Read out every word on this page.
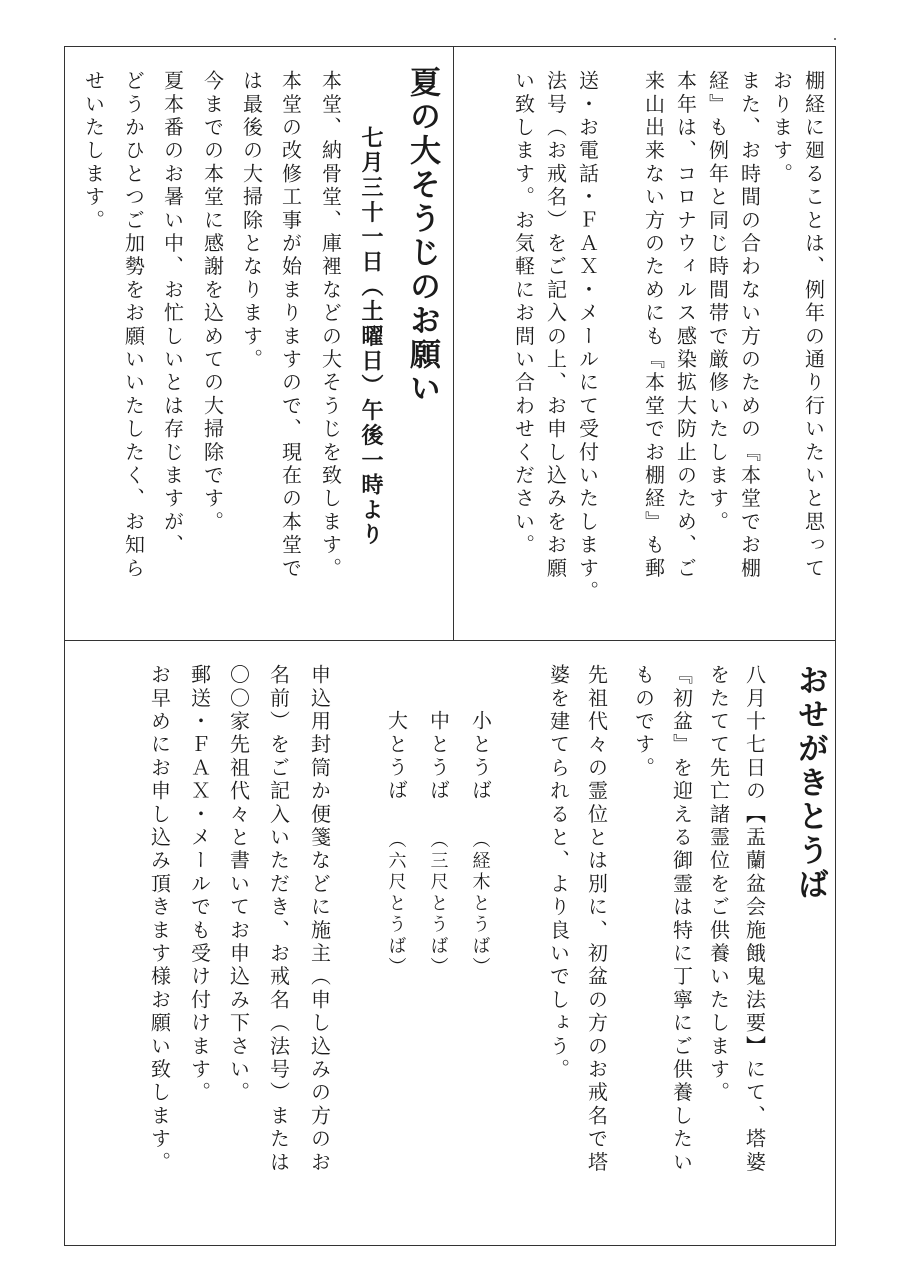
棚経に廻ることは、例年の通り行いたいと思って

おります。

また、お時間の合わない方のための『本堂でお棚

経』も例年と同じ時間帯で厳修いたします。

本年は、コロナウィルス感染拡大防止のため、ご

来山出来ない方のためにも『本堂でお棚経』も郵

送・お電話・ＦＡＸ・メールにて受付いたします。

法号（お戒名）をご記入の上、お申し込みをお願

い致します。お気軽にお問い合わせください。

夏の大そうじのお願い
七月三十一日（土曜日）午後一時より

本堂、納骨堂、庫裡などの大そうじを致します。

本堂の改修工事が始まりますので、現在の本堂で

は最後の大掃除となります。

今までの本堂に感謝を込めての大掃除です。

夏本番のお暑い中、お忙しいとは存じますが、

どうかひとつご加勢をお願いいたしたく、お知ら

せいたします。

おせがきとうば

八月十七日の【盂蘭盆会施餓鬼法要】にて、塔婆

をたてて先亡諸霊位をご供養いたします。

『初盆』を迎える御霊は特に丁寧にご供養したい

ものです。

先祖代々の霊位とは別に、初盆の方のお戒名で塔

婆を建てられると、より良いでしょう。

小とうば

（経木とうば）

中とうば

（三尺とうば）

大とうば

（六尺とうば）

申込用封筒か便箋などに施主（申し込みの方のお

名前）をご記入いただき、お戒名（法号）または

〇〇家先祖代々と書いてお申込み下さい。

郵送・ＦＡＸ・メールでも受け付けます。

お早めにお申し込み頂きます様お願い致します。
